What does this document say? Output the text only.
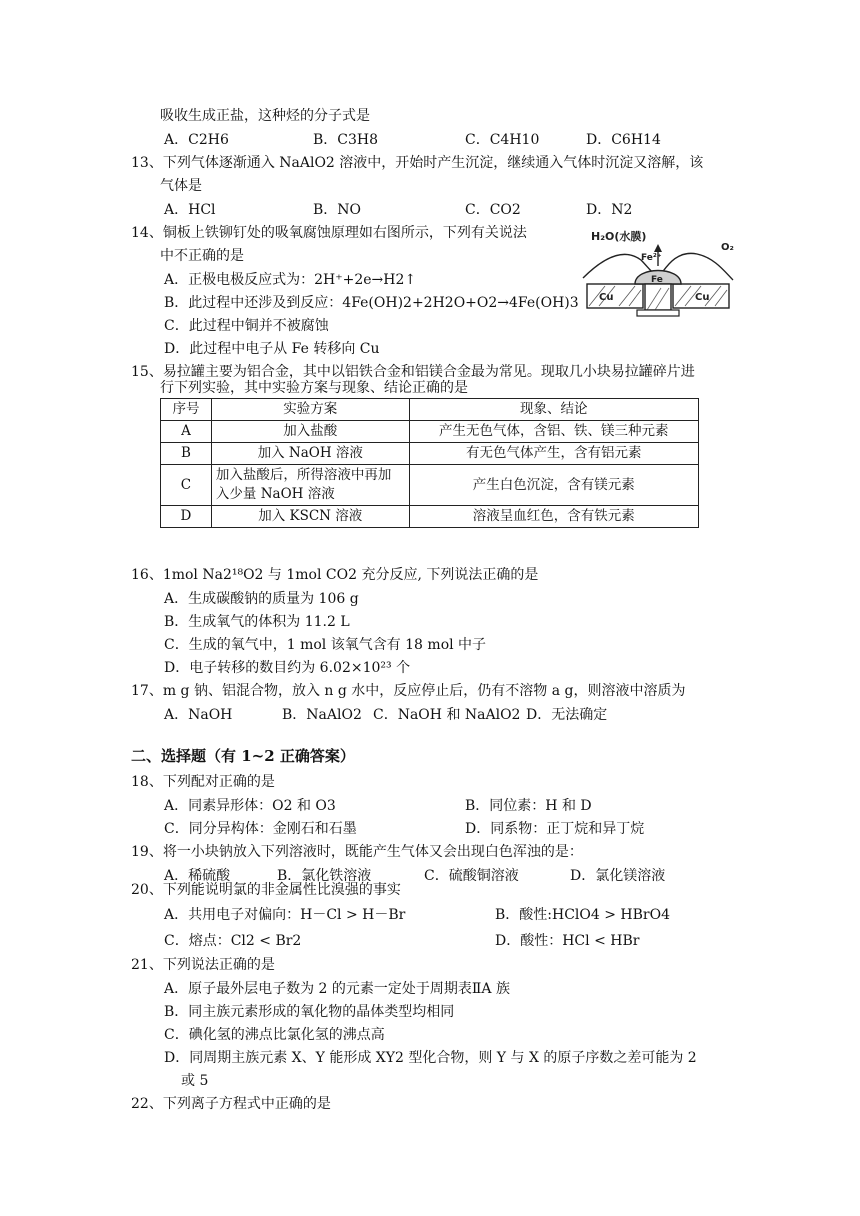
吸收生成正盐，这种烃的分子式是
A．C2H6	B．C3H8	C．C4H10	D．C6H14
13、下列气体逐渐通入 NaAlO2 溶液中，开始时产生沉淀，继续通入气体时沉淀又溶解，该
气体是
A．HCl	B．NO	C．CO2	D．N2
14、铜板上铁铆钉处的吸氧腐蚀原理如右图所示，下列有关说法
中不正确的是
A．正极电极反应式为：2H⁺+2e→H2↑
B．此过程中还涉及到反应：4Fe(OH)2+2H2O+O2→4Fe(OH)3
C．此过程中铜并不被腐蚀
D．此过程中电子从 Fe 转移向 Cu
H₂O(水膜)
O₂
Fe²⁺
Fe
Cu	Cu
15、易拉罐主要为铝合金，其中以铝铁合金和铝镁合金最为常见。现取几小块易拉罐碎片进
行下列实验，其中实验方案与现象、结论正确的是
序号	实验方案	现象、结论
A	加入盐酸	产生无色气体，含铝、铁、镁三种元素
B	加入 NaOH 溶液	有无色气体产生，含有铝元素
C	加入盐酸后，所得溶液中再加入少量 NaOH 溶液	产生白色沉淀，含有镁元素
D	加入 KSCN 溶液	溶液呈血红色，含有铁元素
16、1mol Na2¹⁸O2 与 1mol CO2 充分反应, 下列说法正确的是
A．生成碳酸钠的质量为 106 g
B．生成氧气的体积为 11.2 L
C．生成的氧气中，1 mol 该氧气含有 18 mol 中子
D．电子转移的数目约为 6.02×10²³ 个
17、m g 钠、铝混合物，放入 n g 水中，反应停止后，仍有不溶物 a g，则溶液中溶质为
A．NaOH	B．NaAlO2 C．NaOH 和 NaAlO2 D．无法确定
二、选择题（有 1~2 正确答案）
18、下列配对正确的是
A．同素异形体：O2 和 O3	B．同位素：H 和 D
C．同分异构体：金刚石和石墨	D．同系物：正丁烷和异丁烷
19、将一小块钠放入下列溶液时，既能产生气体又会出现白色浑浊的是：
A．稀硫酸	B．氯化铁溶液	C．硫酸铜溶液	D．氯化镁溶液
20、下列能说明氯的非金属性比溴强的事实
A．共用电子对偏向：H－Cl > H－Br	B．酸性:HClO4 > HBrO4
C．熔点：Cl2 < Br2	D．酸性：HCl < HBr
21、下列说法正确的是
A．原子最外层电子数为 2 的元素一定处于周期表ⅡA 族
B．同主族元素形成的氧化物的晶体类型均相同
C．碘化氢的沸点比氯化氢的沸点高
D．同周期主族元素 X、Y 能形成 XY2 型化合物，则 Y 与 X 的原子序数之差可能为 2
或 5
22、下列离子方程式中正确的是
